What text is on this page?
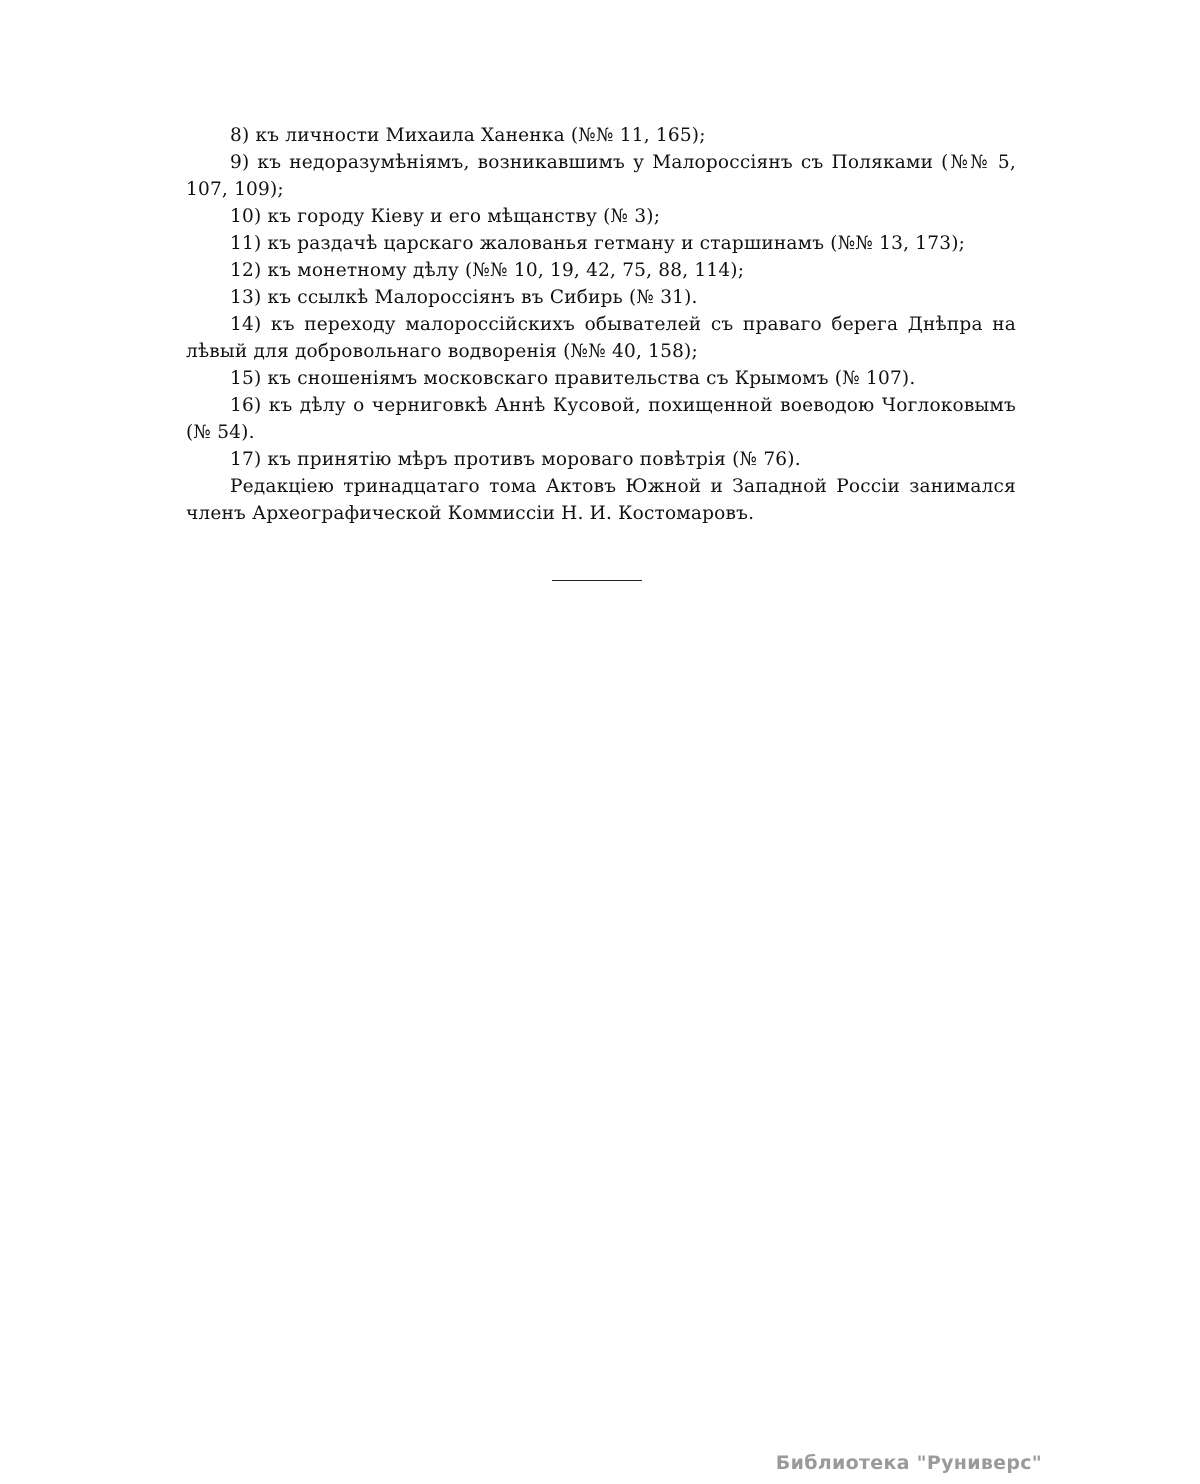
8) къ личности Михаила Ханенка (№№ 11, 165);

9) къ недоразумѣніямъ, возникавшимъ у Малороссіянъ съ Поляками (№№ 5, 107, 109);

10) къ городу Кіеву и его мѣщанству (№ 3);

11) къ раздачѣ царскаго жалованья гетману и старшинамъ (№№ 13, 173);

12) къ монетному дѣлу (№№ 10, 19, 42, 75, 88, 114);

13) къ ссылкѣ Малороссіянъ въ Сибирь (№ 31).

14) къ переходу малороссійскихъ обывателей съ праваго берега Днѣпра на лѣвый для добровольнаго водворенія (№№ 40, 158);

15) къ сношеніямъ московскаго правительства съ Крымомъ (№ 107).

16) къ дѣлу о черниговкѣ Аннѣ Кусовой, похищенной воеводою Чоглоковымъ (№ 54).

17) къ принятію мѣръ противъ моровaго повѣтрія (№ 76).

Редакціею тринадцатаго тома Актовъ Южной и Западной Россіи занимался членъ Археографической Коммиссіи Н. И. Костомаровъ.

Библиотека "Руниверс"
